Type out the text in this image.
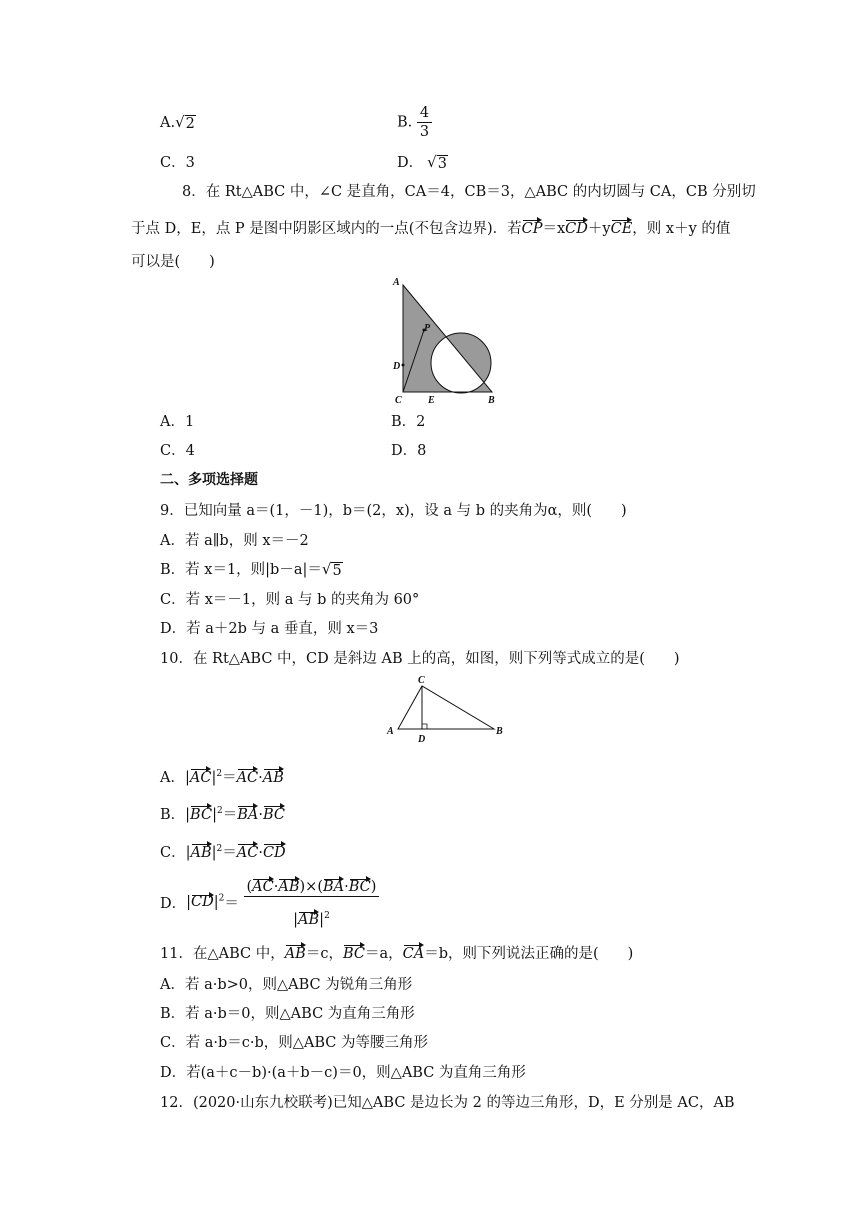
A. √ 2	B. $\frac{4}{3}$
C．3	D． √ 3
8．在 Rt△ABC 中，∠C 是直角，CA＝4，CB＝3，△ABC 的内切圆与 CA，CB 分别切
于点 D，E，点 P 是图中阴影区域内的一点(不包含边界)．若CP＝xCD＋yCE，则 x＋y 的值
可以是(　　)
A
P
D
C	E	B
A．1	B．2
C．4	D．8
二、多项选择题
9．已知向量 a＝(1，－1)，b＝(2，x)，设 a 与 b 的夹角为α，则(　　)
A．若 a∥b，则 x＝－2
B．若 x＝1，则|b－a|＝ √ 5
C．若 x＝－1，则 a 与 b 的夹角为 60°
D．若 a＋2b 与 a 垂直，则 x＝3
10．在 Rt△ABC 中，CD 是斜边 AB 上的高，如图，则下列等式成立的是(　　)
C
A
D
B
A．$|AC|^2=AC\cdot AB$
B．$|BC|^2=BA\cdot BC$
C．$|AB|^2=AC\cdot CD$
D．$|CD|^2= \frac{(AC\cdot AB)\times(BA\cdot BC)}{|AB|^2}$
11．在△ABC 中，AB＝c，BC＝a，CA＝b，则下列说法正确的是(　　)
A．若 a·b>0，则△ABC 为锐角三角形
B．若 a·b＝0，则△ABC 为直角三角形
C．若 a·b＝c·b，则△ABC 为等腰三角形
D．若(a＋c－b)·(a＋b－c)＝0，则△ABC 为直角三角形
12．(2020·山东九校联考)已知△ABC 是边长为 2 的等边三角形，D，E 分别是 AC，AB
